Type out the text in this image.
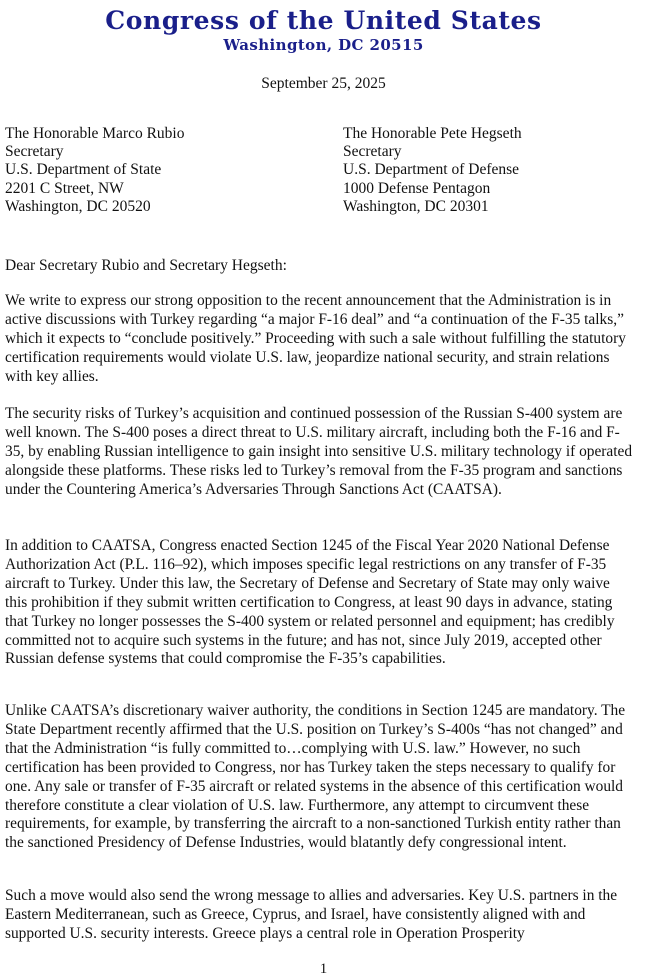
Congress of the United States
Washington, DC 20515
September 25, 2025
The Honorable Marco Rubio
Secretary
U.S. Department of State
2201 C Street, NW
Washington, DC 20520
The Honorable Pete Hegseth
Secretary
U.S. Department of Defense
1000 Defense Pentagon
Washington, DC 20301
Dear Secretary Rubio and Secretary Hegseth:

We write to express our strong opposition to the recent announcement that the Administration is in active discussions with Turkey regarding “a major F-16 deal” and “a continuation of the F-35 talks,” which it expects to “conclude positively.” Proceeding with such a sale without fulfilling the statutory certification requirements would violate U.S. law, jeopardize national security, and strain relations with key allies.

The security risks of Turkey’s acquisition and continued possession of the Russian S-400 system are well known. The S-400 poses a direct threat to U.S. military aircraft, including both the F-16 and F-35, by enabling Russian intelligence to gain insight into sensitive U.S. military technology if operated alongside these platforms. These risks led to Turkey’s removal from the F-35 program and sanctions under the Countering America’s Adversaries Through Sanctions Act (CAATSA).

In addition to CAATSA, Congress enacted Section 1245 of the Fiscal Year 2020 National Defense Authorization Act (P.L. 116–92), which imposes specific legal restrictions on any transfer of F-35 aircraft to Turkey. Under this law, the Secretary of Defense and Secretary of State may only waive this prohibition if they submit written certification to Congress, at least 90 days in advance, stating that Turkey no longer possesses the S-400 system or related personnel and equipment; has credibly committed not to acquire such systems in the future; and has not, since July 2019, accepted other Russian defense systems that could compromise the F-35’s capabilities.

Unlike CAATSA’s discretionary waiver authority, the conditions in Section 1245 are mandatory. The State Department recently affirmed that the U.S. position on Turkey’s S-400s “has not changed” and that the Administration “is fully committed to…complying with U.S. law.” However, no such certification has been provided to Congress, nor has Turkey taken the steps necessary to qualify for one. Any sale or transfer of F-35 aircraft or related systems in the absence of this certification would therefore constitute a clear violation of U.S. law. Furthermore, any attempt to circumvent these requirements, for example, by transferring the aircraft to a non-sanctioned Turkish entity rather than the sanctioned Presidency of Defense Industries, would blatantly defy congressional intent.

Such a move would also send the wrong message to allies and adversaries. Key U.S. partners in the Eastern Mediterranean, such as Greece, Cyprus, and Israel, have consistently aligned with and supported U.S. security interests. Greece plays a central role in Operation Prosperity

1
